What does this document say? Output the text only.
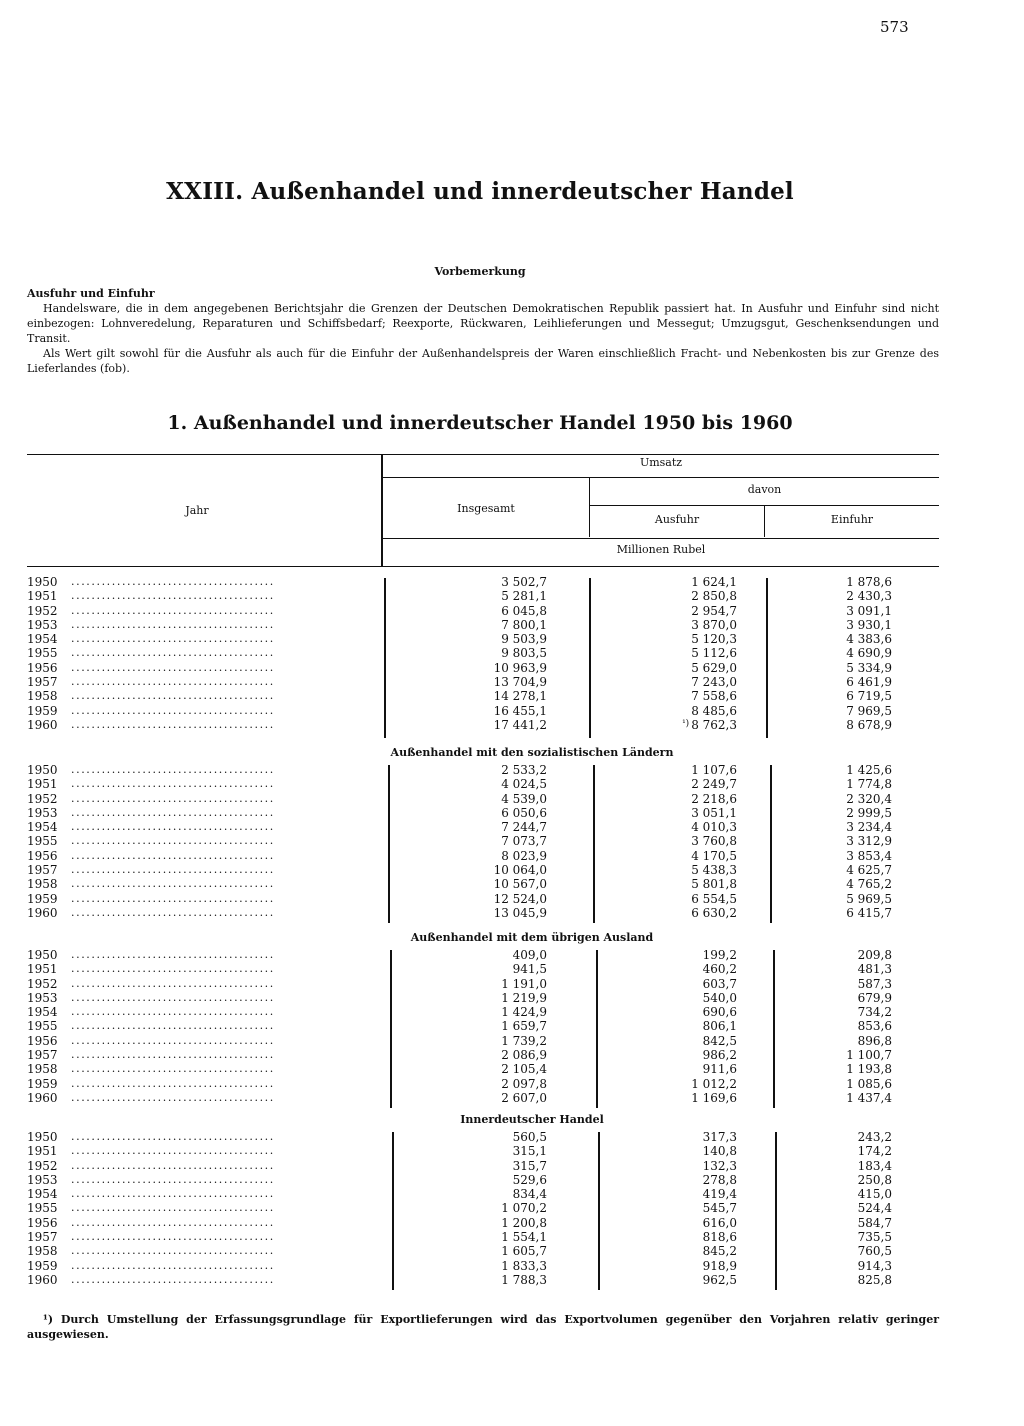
573
XXIII. Außenhandel und innerdeutscher Handel
Vorbemerkung

Ausfuhr und Einfuhr

Handelsware, die in dem angegebenen Berichtsjahr die Grenzen der Deutschen Demokratischen Republik passiert hat. In Ausfuhr und Einfuhr sind nicht einbezogen: Lohnveredelung, Reparaturen und Schiffsbedarf; Reexporte, Rückwaren, Leihlieferungen und Messegut; Umzugsgut, Geschenksendungen und Transit.

Als Wert gilt sowohl für die Ausfuhr als auch für die Einfuhr der Außenhandelspreis der Waren einschließlich Fracht- und Nebenkosten bis zur Grenze des Lieferlandes (fob).

1. Außenhandel und innerdeutscher Handel 1950 bis 1960
Umsatz
davon
Jahr	Insgesamt
Ausfuhr	Einfuhr
Millionen Rubel
1950 ........................................	3 502,7	1 624,1	1 878,6
1951 ........................................	5 281,1	2 850,8	2 430,3
1952 ........................................	6 045,8	2 954,7	3 091,1
1953 ........................................	7 800,1	3 870,0	3 930,1
1954 ........................................	9 503,9	5 120,3	4 383,6
1955 ........................................	9 803,5	5 112,6	4 690,9
1956 ........................................	10 963,9	5 629,0	5 334,9
1957 ........................................	13 704,9	7 243,0	6 461,9
1958 ........................................	14 278,1	7 558,6	6 719,5
1959 ........................................	16 455,1	8 485,6	7 969,5
1960 ........................................	17 441,2	$^{^1)}$ 8 762,3	8 678,9
Außenhandel mit den sozialistischen Ländern
1950 ........................................	2 533,2	1 107,6	1 425,6
1951 ........................................	4 024,5	2 249,7	1 774,8
1952 ........................................	4 539,0	2 218,6	2 320,4
1953 ........................................	6 050,6	3 051,1	2 999,5
1954 ........................................	7 244,7	4 010,3	3 234,4
1955 ........................................	7 073,7	3 760,8	3 312,9
1956 ........................................	8 023,9	4 170,5	3 853,4
1957 ........................................	10 064,0	5 438,3	4 625,7
1958 ........................................	10 567,0	5 801,8	4 765,2
1959 ........................................	12 524,0	6 554,5	5 969,5
1960 ........................................	13 045,9	6 630,2	6 415,7
Außenhandel mit dem übrigen Ausland
1950 ........................................	409,0	199,2	209,8
1951 ........................................	941,5	460,2	481,3
1952 ........................................	1 191,0	603,7	587,3
1953 ........................................	1 219,9	540,0	679,9
1954 ........................................	1 424,9	690,6	734,2
1955 ........................................	1 659,7	806,1	853,6
1956 ........................................	1 739,2	842,5	896,8
1957 ........................................	2 086,9	986,2	1 100,7
1958 ........................................	2 105,4	911,6	1 193,8
1959 ........................................	2 097,8	1 012,2	1 085,6
1960 ........................................	2 607,0	1 169,6	1 437,4
Innerdeutscher Handel
1950 ........................................	560,5	317,3	243,2
1951 ........................................	315,1	140,8	174,2
1952 ........................................	315,7	132,3	183,4
1953 ........................................	529,6	278,8	250,8
1954 ........................................	834,4	419,4	415,0
1955 ........................................	1 070,2	545,7	524,4
1956 ........................................	1 200,8	616,0	584,7
1957 ........................................	1 554,1	818,6	735,5
1958 ........................................	1 605,7	845,2	760,5
1959 ........................................	1 833,3	918,9	914,3
1960 ........................................	1 788,3	962,5	825,8

¹) Durch Umstellung der Erfassungsgrundlage für Exportlieferungen wird das Exportvolumen gegenüber den Vorjahren relativ geringer ausgewiesen.
